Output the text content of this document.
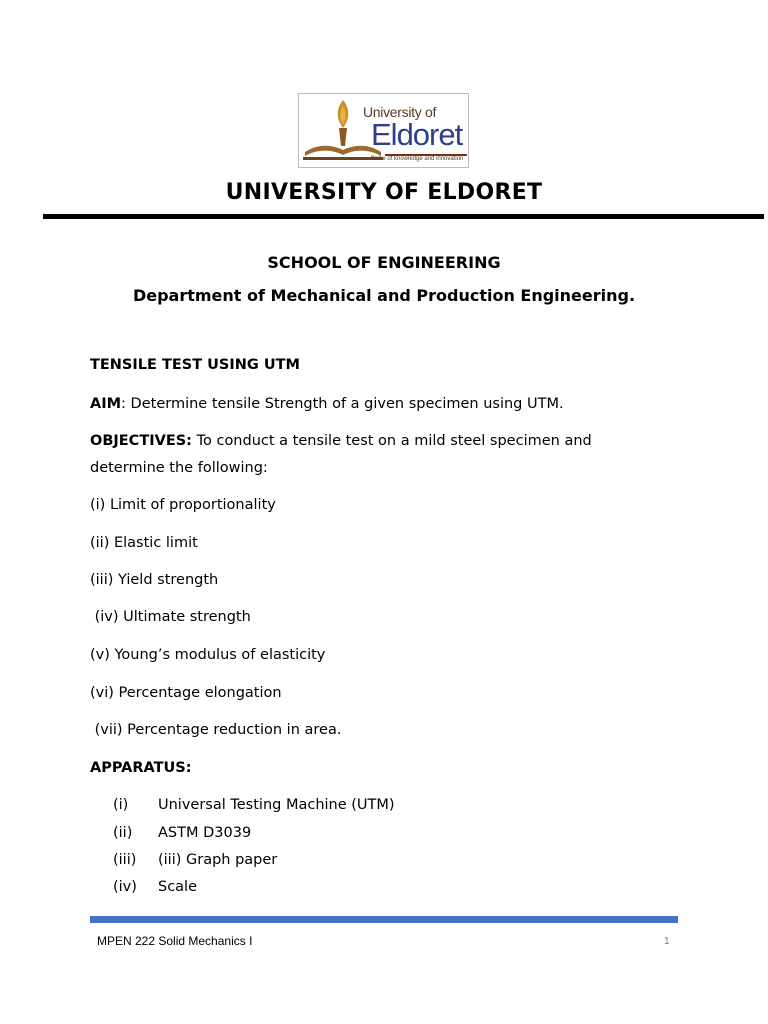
University of
Eldoret
flame of knowledge and innovation
UNIVERSITY OF ELDORET
SCHOOL OF ENGINEERING
Department of Mechanical and Production Engineering.
TENSILE TEST USING UTM
AIM: Determine tensile Strength of a given specimen using UTM.
OBJECTIVES: To conduct a tensile test on a mild steel specimen and
determine the following:
(i) Limit of proportionality
(ii) Elastic limit
(iii) Yield strength
(iv) Ultimate strength
(v) Young’s modulus of elasticity
(vi) Percentage elongation
(vii) Percentage reduction in area.
APPARATUS:
(i) Universal Testing Machine (UTM)
(ii) ASTM D3039
(iii) (iii) Graph paper
(iv) Scale
MPEN 222 Solid Mechanics I	1
